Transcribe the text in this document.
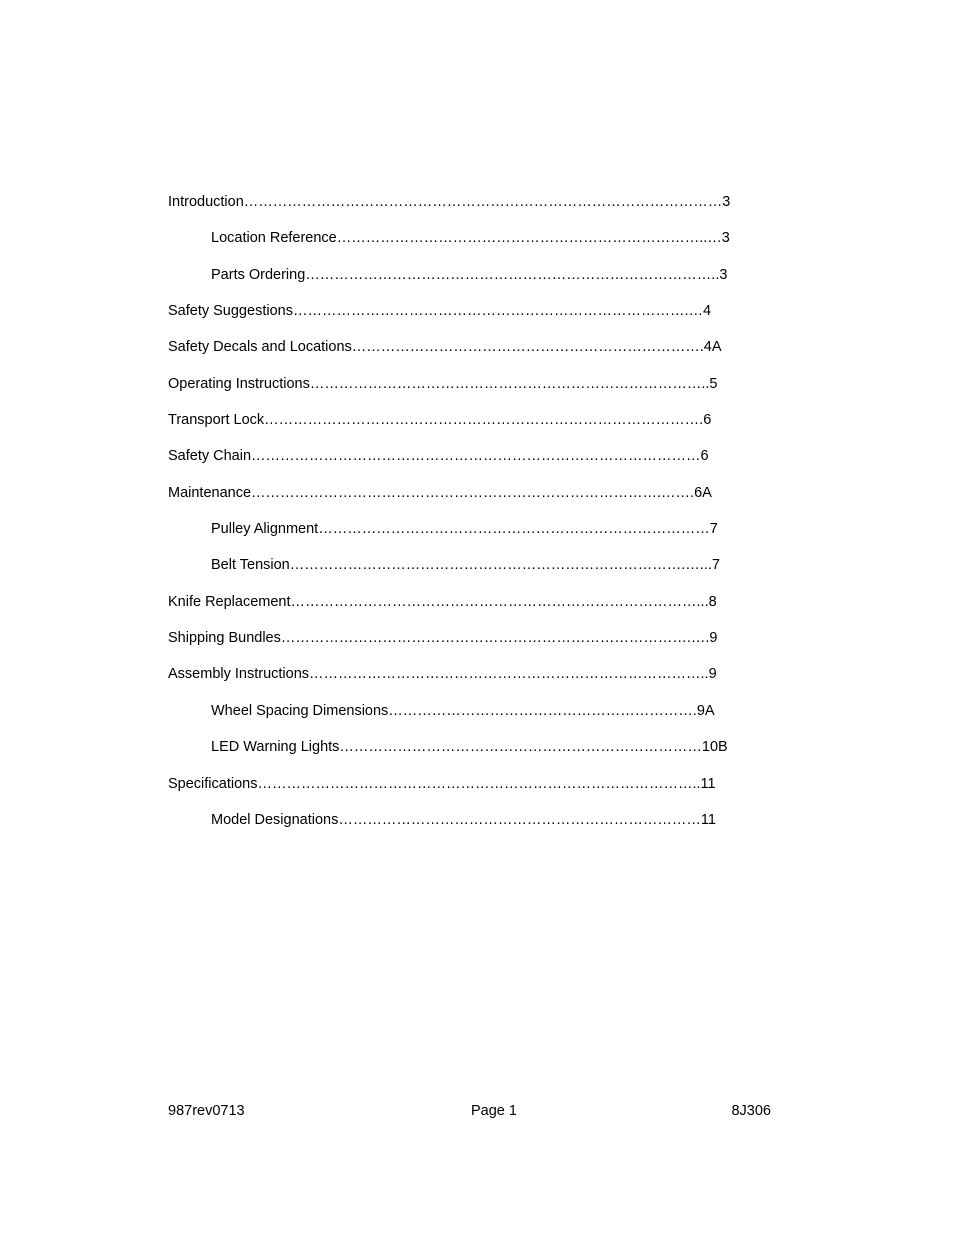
Introduction………………………………………………………………………………………3
Location Reference…………………………………………………………………..…3
Parts Ordering…………………………………………………………………………..3
Safety Suggestions……………………………………………………………………….…4
Safety Decals and Locations……………………………………………………………….4A
Operating Instructions………………………………………………………………………..5
Transport Lock……………………………………………………………………………….6
Safety Chain…………………………………………………………………………………6
Maintenance………………………………………………………………………….…….6A
Pulley Alignment………………………………………………………………………7
Belt Tension……………………………………………………………………….…...7
Knife Replacement…………………………………………………………………………...8
Shipping Bundles………………………………………………………………………….….9
Assembly Instructions………………………………………………………………………..9
Wheel Spacing Dimensions……………………………………………………….9A
LED Warning Lights…………………………………………………………………10B
Specifications………………………………………………………………………………..11
Model Designations…………………………………………………………………11
987rev0713	Page 1	8J306
